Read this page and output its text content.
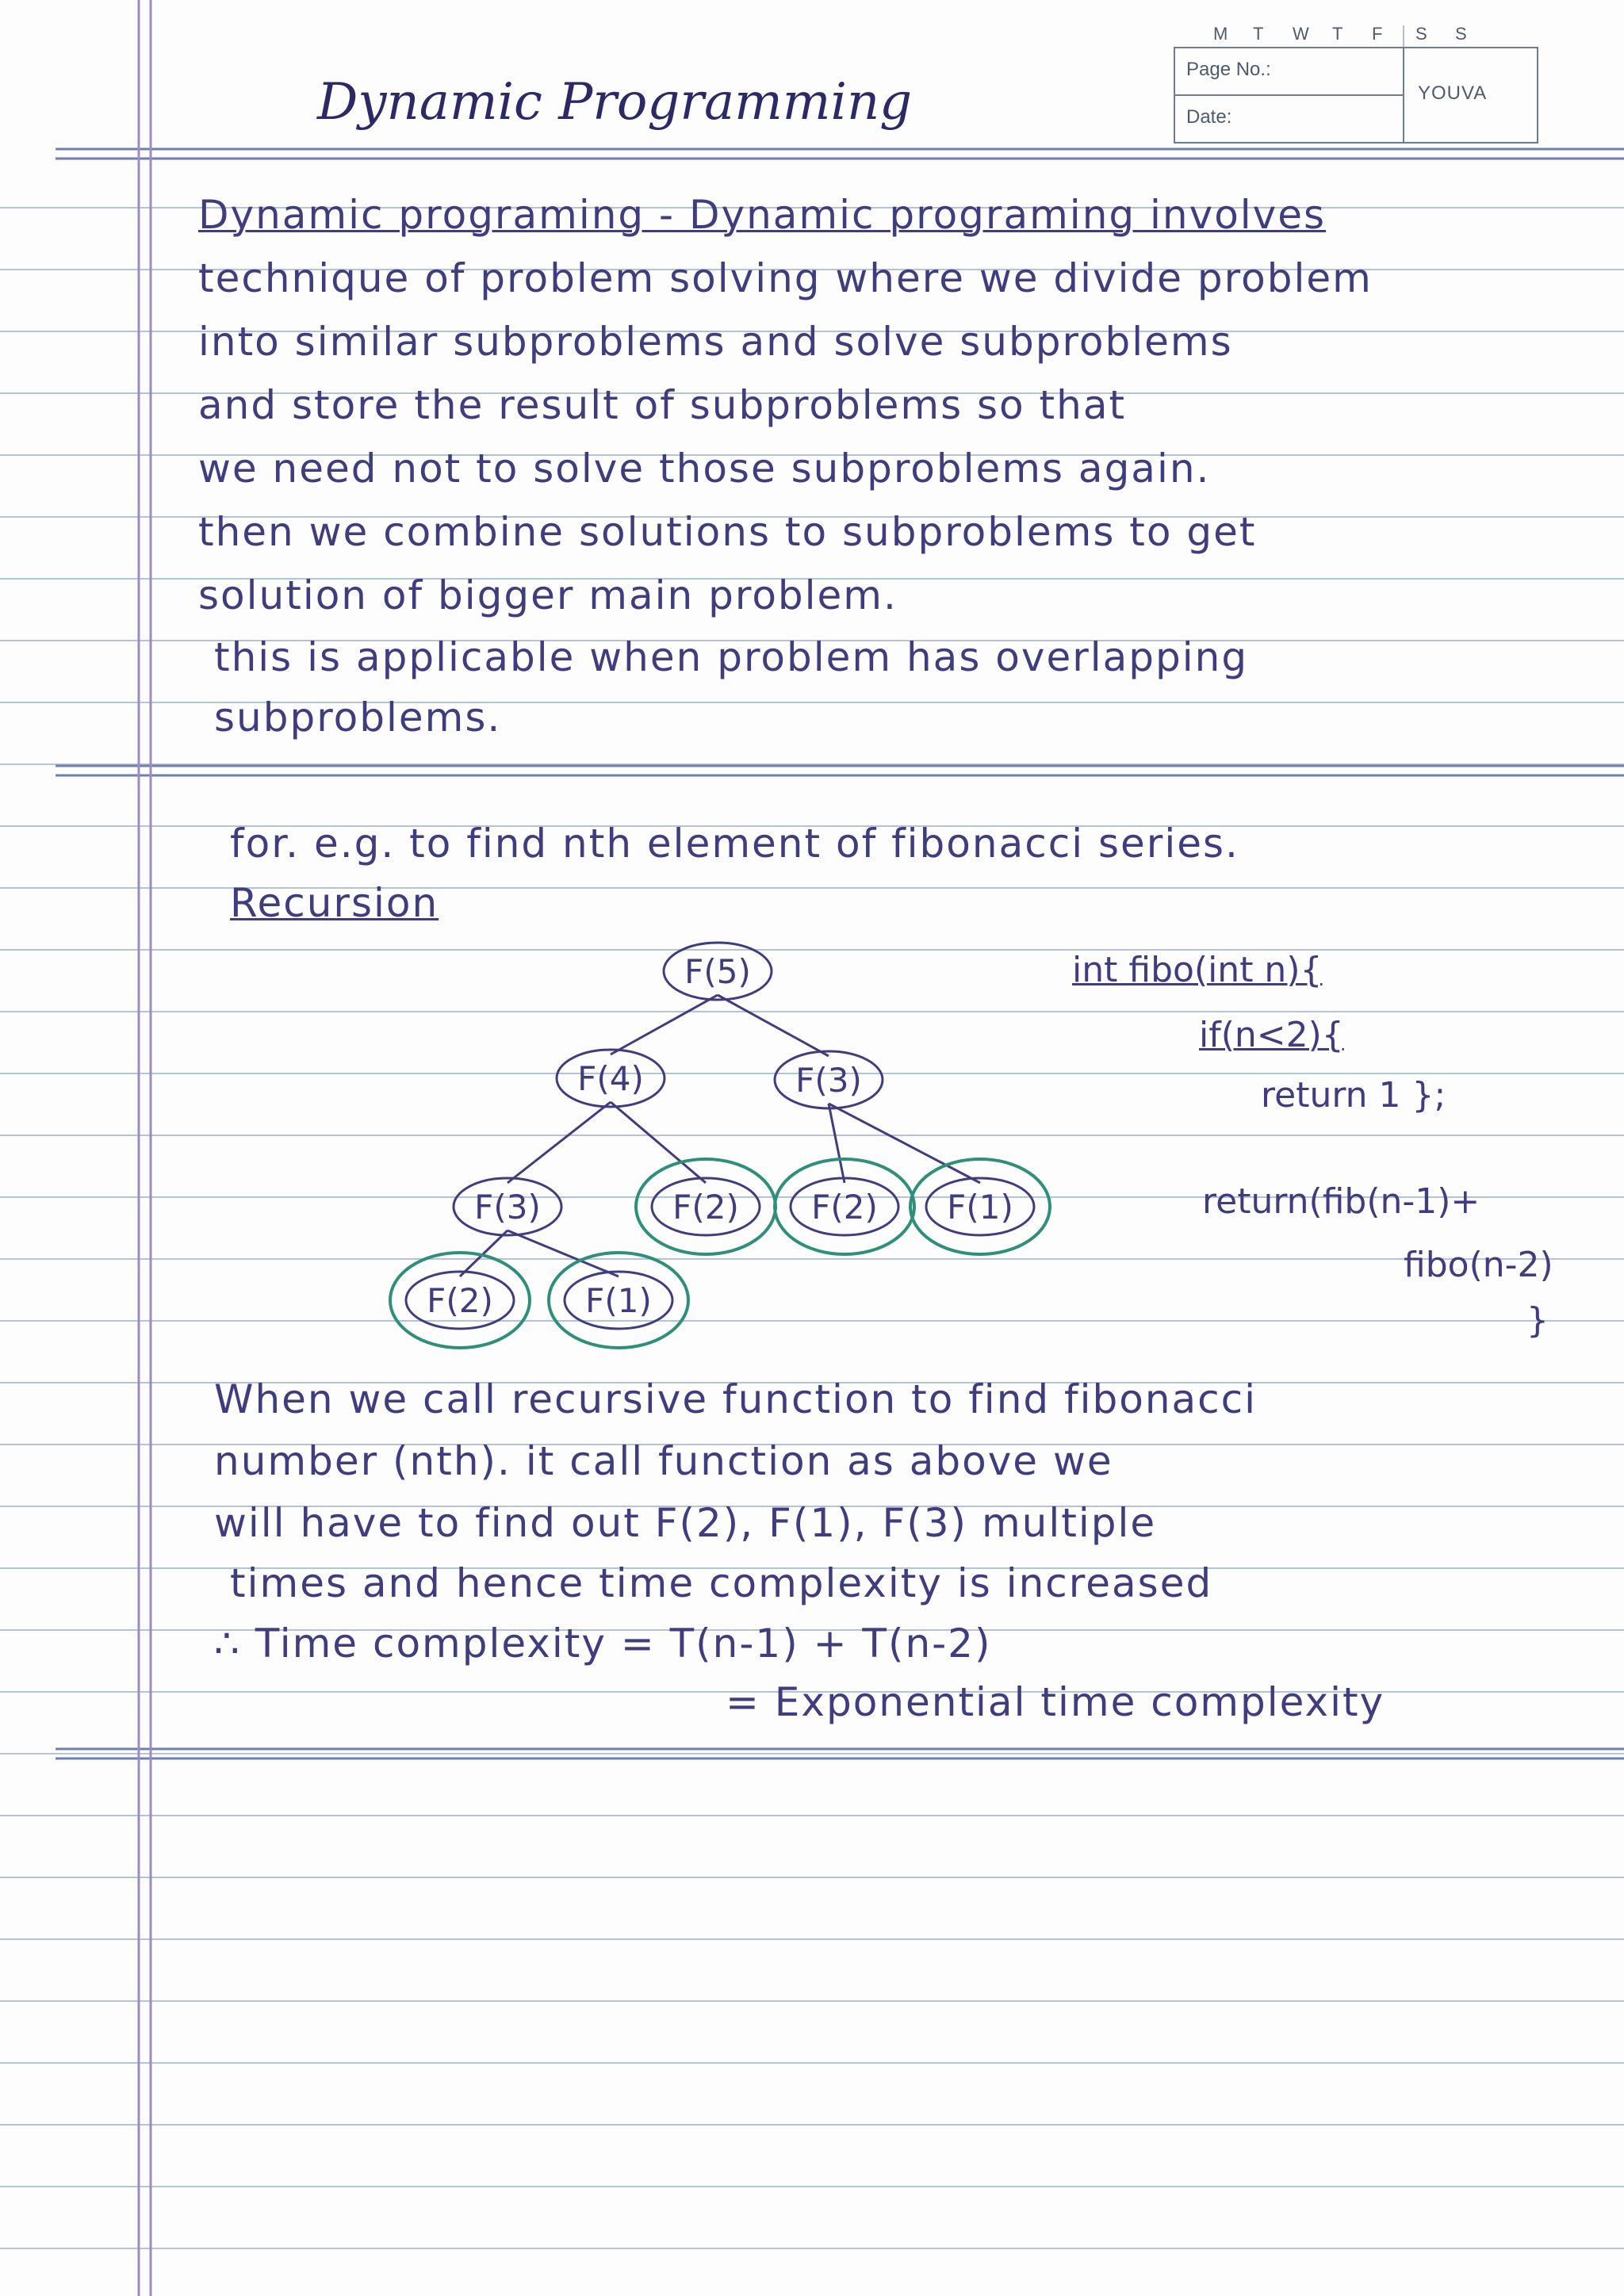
M T W T F S S
Page No.:
Date:
YOUVA
Dynamic Programming
Dynamic programing - Dynamic programing involves
technique of problem solving where we divide problem
into similar subproblems and solve subproblems
and store the result of subproblems so that
we need not to solve those subproblems again.
then we combine solutions to subproblems to get
solution of bigger main problem.
this is applicable when problem has overlapping
subproblems.
for. e.g. to find nth element of fibonacci series.
Recursion
F(5)
F(4)	F(3)
F(3)	F(2) F(2) F(1)
F(2)	F(1)
int fibo(int n){
if(n<2){
return 1 };
return(fib(n-1)+
fibo(n-2)
}
When we call recursive function to find fibonacci
number (nth). it call function as above we
will have to find out F(2), F(1), F(3) multiple
times and hence time complexity is increased
∴ Time complexity = T(n-1) + T(n-2)
= Exponential time complexity
